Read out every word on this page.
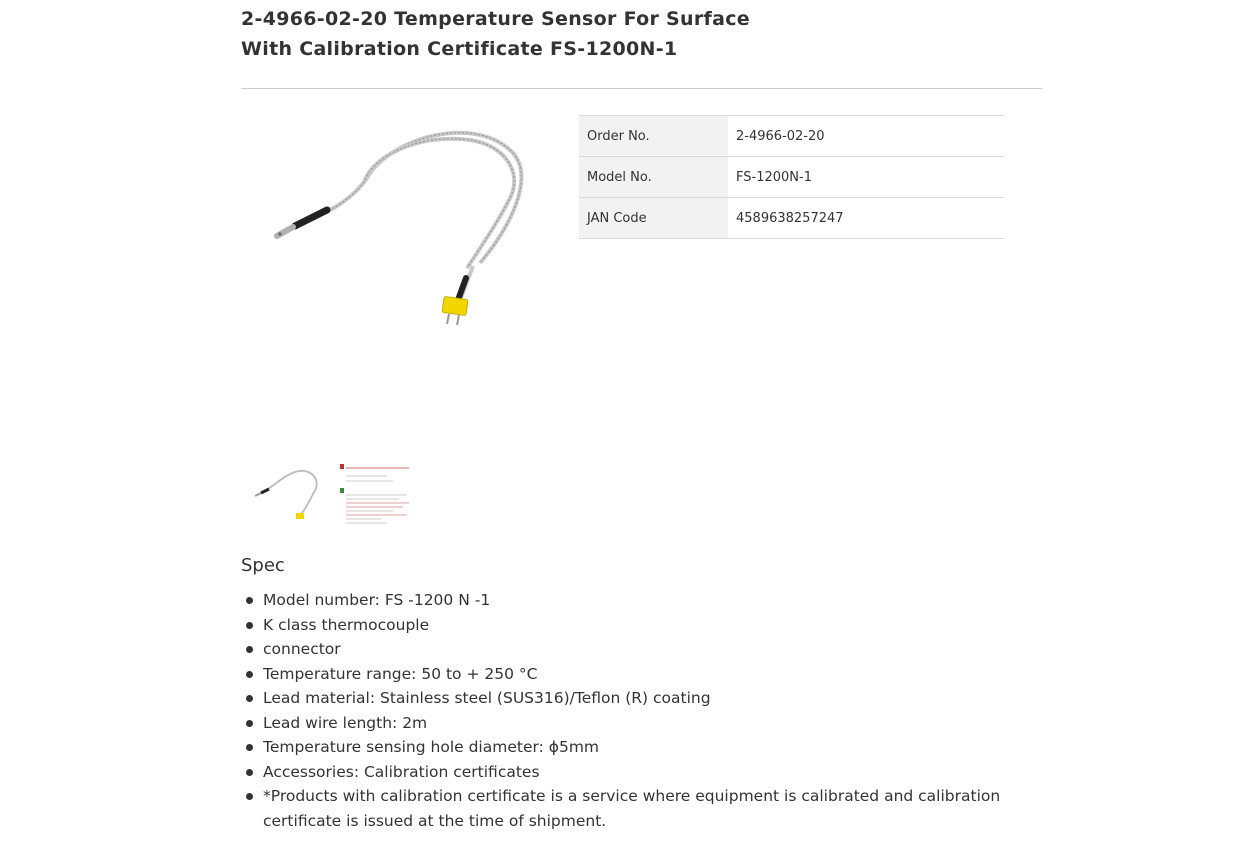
2-4966-02-20 Temperature Sensor For Surface
With Calibration Certificate FS-1200N-1
Order No.	2-4966-02-20
Model No.	FS-1200N-1
JAN Code	4589638257247
Spec
Model number: FS -1200 N -1
K class thermocouple
connector
Temperature range: 50 to + 250 °C
Lead material: Stainless steel (SUS316)/Teflon (R) coating
Lead wire length: 2m
Temperature sensing hole diameter: ϕ5mm
Accessories: Calibration certificates
*Products with calibration certificate is a service where equipment is calibrated and calibration certificate is issued at the time of shipment.
